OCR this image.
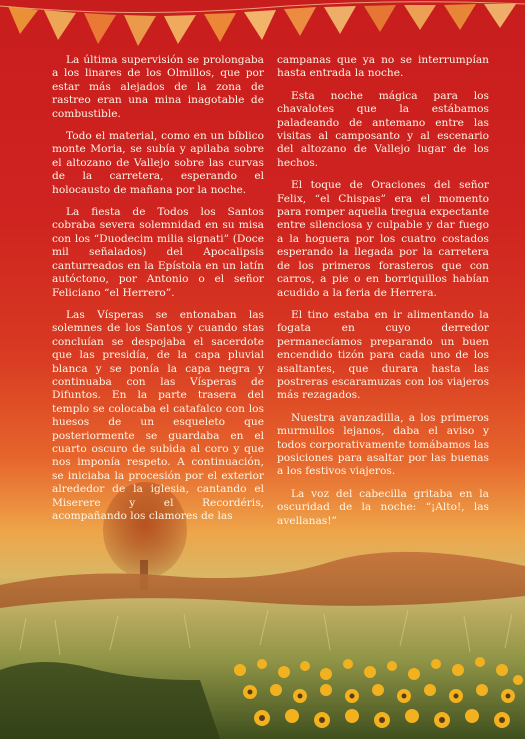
La última supervisión se prolongaba a los linares de los Olmillos, que por estar más alejados de la zona de rastreo eran una mina inagotable de combustible.

Todo el material, como en un bíblico monte Moria, se subía y apilaba sobre el altozano de Vallejo sobre las curvas de la carretera, esperando el holocausto de mañana por la noche.

La fiesta de Todos los Santos cobraba severa solemnidad en su misa con los “Duodecim milia signati” (Doce mil señalados) del Apocalipsis canturreados en la Epístola en un latín autóctono, por Antonio o el señor Feliciano “el Herrero”.

Las Vísperas se entonaban las solemnes de los Santos y cuando stas concluían se despojaba el sacerdote que las presidía, de la capa pluvial blanca y se ponía la capa negra y continuaba con las Vísperas de Difuntos. En la parte trasera del templo se colocaba el catafalco con los huesos de un esqueleto que posteriormente se guardaba en el cuarto oscuro de subida al coro y que nos imponía respeto. A continuación, se iniciaba la procesión por el exterior alrededor de la iglesia, cantando el Miserere y el Recordéris, acompañando los clamores de las

campanas que ya no se interrumpían hasta entrada la noche.

Esta noche mágica para los chavalotes que la estábamos paladeando de antemano entre las visitas al camposanto y al escenario del altozano de Vallejo lugar de los hechos.

El toque de Oraciones del señor Felix, “el Chispas” era el momento para romper aquella tregua expectante entre silenciosa y culpable y dar fuego a la hoguera por los cuatro costados esperando la llegada por la carretera de los primeros forasteros que con carros, a pie o en borriquillos habían acudido a la feria de Herrera.

El tino estaba en ir alimentando la fogata en cuyo derredor permanecíamos preparando un buen encendido tizón para cada uno de los asaltantes, que durara hasta las postreras escaramuzas con los viajeros más rezagados.

Nuestra avanzadilla, a los primeros murmullos lejanos, daba el aviso y todos corporativamente tomábamos las posiciones para asaltar por las buenas a los festivos viajeros.

La voz del cabecilla gritaba en la oscuridad de la noche: “¡Alto!, las avellanas!”
